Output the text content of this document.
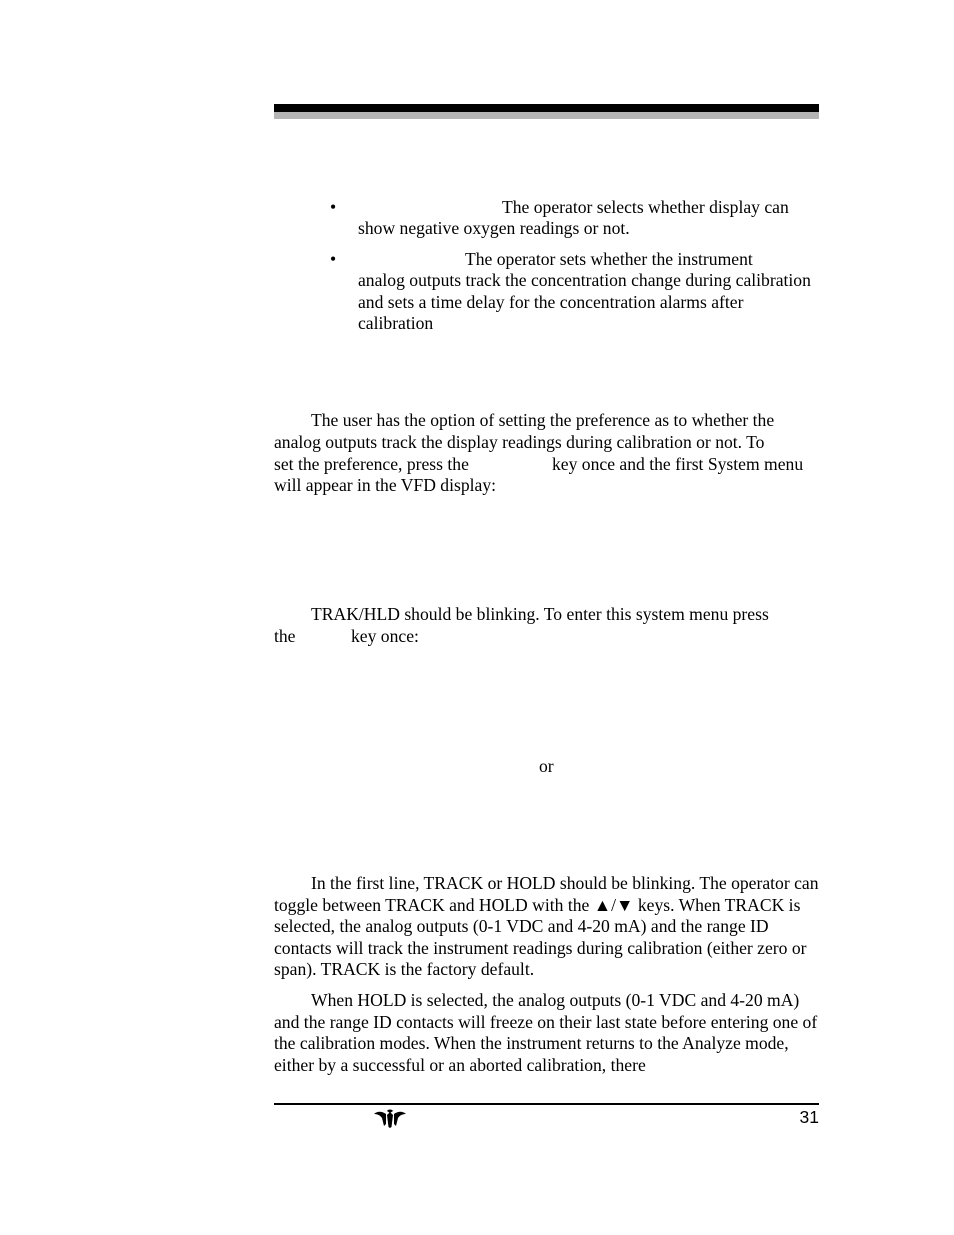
•	The operator selects whether display can

show negative oxygen readings or not.

•	The operator sets whether the instrument

analog outputs track the concentration change during calibration and sets a time delay for the concentration alarms after calibration

The user has the option of setting the preference as to whether the
analog outputs track the display readings during calibration or not. To
set the preference, press the	key once and the first System menu
will appear in the VFD display:
TRAK/HLD should be blinking. To enter this system menu press
the	key once:
or

In the first line, TRACK or HOLD should be blinking. The operator can toggle between TRACK and HOLD with the ▲/▼ keys. When TRACK is selected, the analog outputs (0-1 VDC and 4-20 mA) and the range ID contacts will track the instrument readings during calibration (either zero or span). TRACK is the factory default.

When HOLD is selected, the analog outputs (0-1 VDC and 4-20 mA) and the range ID contacts will freeze on their last state before entering one of the calibration modes. When the instrument returns to the Analyze mode, either by a successful or an aborted calibration, there

31
